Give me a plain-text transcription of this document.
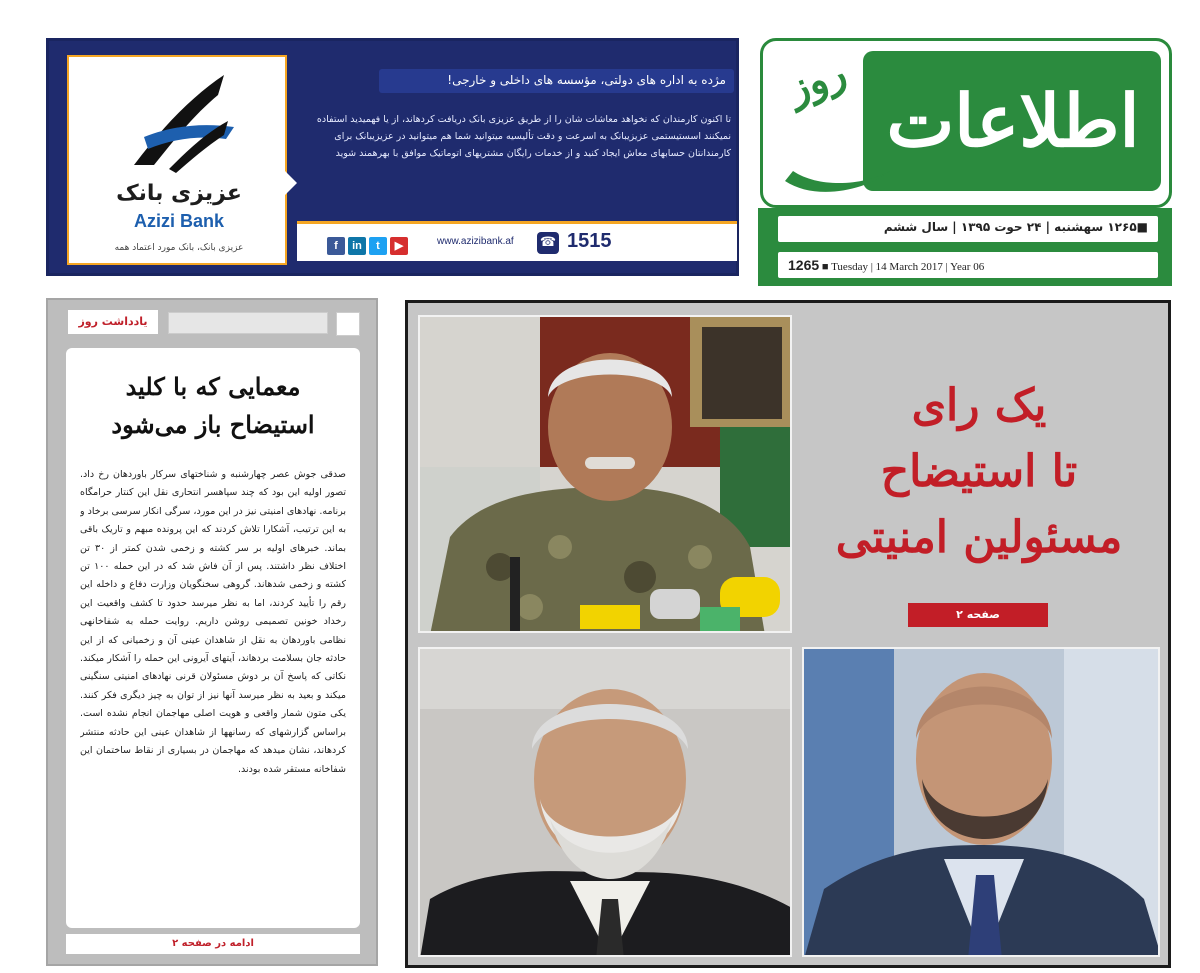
عزیزی بانک
Azizi Bank
عزیزی بانک، بانک مورد اعتماد همه
مژده به اداره های دولتی، مؤسسه های داخلی و خارجی!
تا اکنون کارمندان که نخواهد معاشات شان را از طریق عزیزی بانک دریافت کردهاند، از یا فهمیدید استفاده نمیکنند اسستیستمی عزیزیبانک به اسرعت و دقت تألیسیه میتوانید شما هم میتوانید در عزیزیبانک برای کارمندانتان حسابهای معاش ایجاد کنید و از خدمات رایگان مشتریهای اتوماتیک موافق با بهرهمند شوید
f in t ▶	www.azizibank.af ☎ 1515
اطلاعات
روز
■۱۲۶۵ سهشنبه | ۲۴ حوت ۱۳۹۵ | سال ششم
1265 ■ Tuesday | 14 March 2017 | Year 06
یادداشت روز
معمایی که با کلید
استیضاح باز می‌شود
صدقی جوش عصر چهارشنبه و شناختهای سرکار باوردهان رخ داد. تصور اولیه این بود که چند سپاهسر انتحاری نقل این کنتار حرامگاه برنامه. نهادهای امنیتی نیز در این مورد، سرگی انکار سرسی برخاد و به این ترتیب، آشکارا تلاش کردند که این پرونده مبهم و تاریک باقی بماند. خبرهای اولیه بر سر کشته و زخمی شدن کمتر از ۳۰ تن اختلاف نظر داشتند. پس از آن فاش شد که در این حمله ۱۰۰ تن کشته و زخمی شدهاند. گروهی سخنگویان وزارت دفاع و داخله این رقم را تأیید کردند، اما به نظر میرسد حدود تا کشف واقعیت این رخداد خونین تصمیمی روشن داریم. روایت حمله به شفاخانهی نظامی باوردهان به نقل از شاهدان عینی آن و زخمیانی که از این حادثه جان بسلامت بردهاند، آیتهای آیرونی این حمله را آشکار میکند. نکاتی که پاسخ آن بر دوش مسئولان قرنی نهادهای امنیتی سنگینی میکند و بعید به نظر میرسد آنها نیز از توان به چیز دیگری فکر کنند. یکی متون شمار واقعی و هویت اصلی مهاجمان انجام نشده است. براساس گزارشهای که رسانهها از شاهدان عینی این حادثه منتشر کردهاند، نشان میدهد که مهاجمان در بسیاری از نقاط ساختمان این شفاخانه مستقر شده بودند.
ادامه در صفحه ۲
یک رای
تا استیضاح
مسئولین امنیتی
صفحه ۲
